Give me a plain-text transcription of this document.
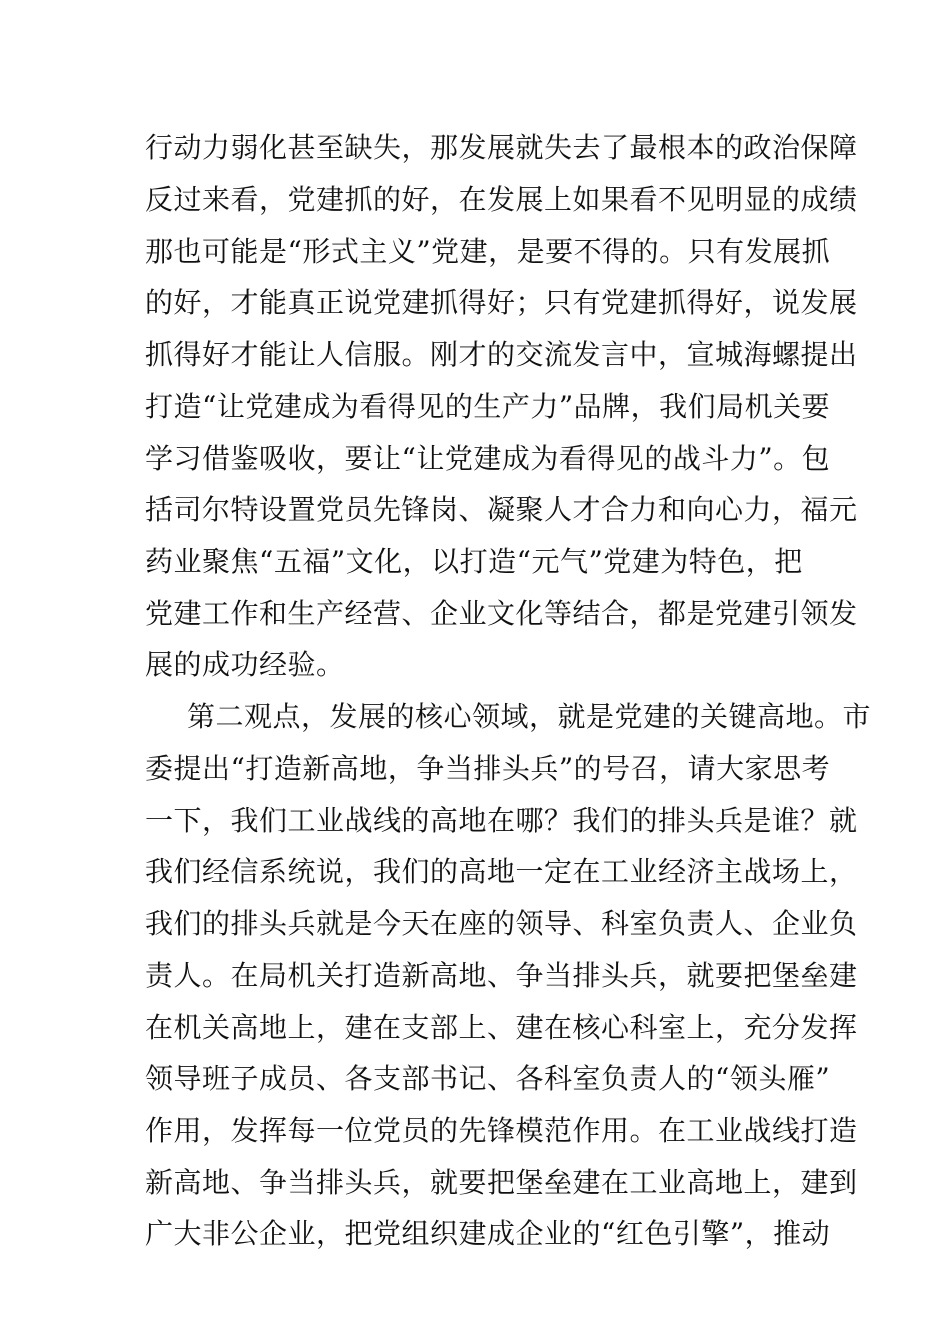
行动力弱化甚至缺失，那发展就失去了最根本的政治保障
反过来看，党建抓的好，在发展上如果看不见明显的成绩
那也可能是“形式主义”党建，是要不得的。只有发展抓
的好，才能真正说党建抓得好；只有党建抓得好，说发展
抓得好才能让人信服。刚才的交流发言中，宣城海螺提出
打造“让党建成为看得见的生产力”品牌，我们局机关要
学习借鉴吸收，要让“让党建成为看得见的战斗力”。包
括司尔特设置党员先锋岗、凝聚人才合力和向心力，福元
药业聚焦“五福”文化，以打造“元气”党建为特色，把
党建工作和生产经营、企业文化等结合，都是党建引领发
展的成功经验。
第二观点，发展的核心领域，就是党建的关键高地。市
委提出“打造新高地，争当排头兵”的号召，请大家思考
一下，我们工业战线的高地在哪？我们的排头兵是谁？就
我们经信系统说，我们的高地一定在工业经济主战场上，
我们的排头兵就是今天在座的领导、科室负责人、企业负
责人。在局机关打造新高地、争当排头兵，就要把堡垒建
在机关高地上，建在支部上、建在核心科室上，充分发挥
领导班子成员、各支部书记、各科室负责人的“领头雁”
作用，发挥每一位党员的先锋模范作用。在工业战线打造
新高地、争当排头兵，就要把堡垒建在工业高地上，建到
广大非公企业，把党组织建成企业的“红色引擎”，推动
